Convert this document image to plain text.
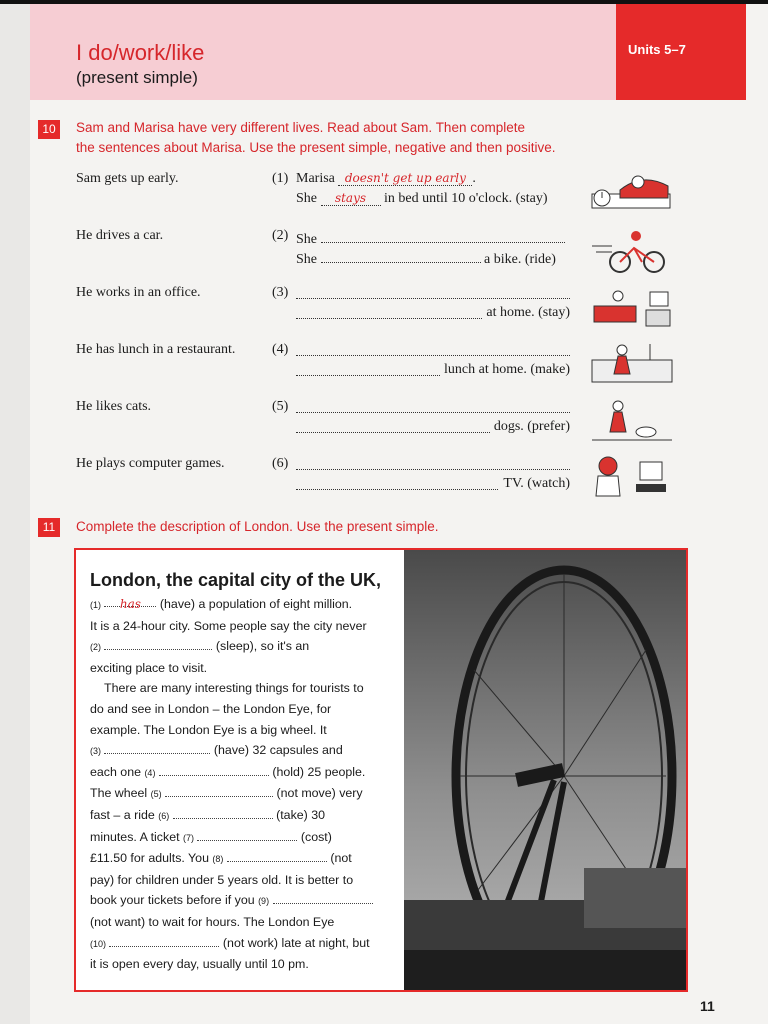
I do/work/like
(present simple)
Units 5–7
10	Sam and Marisa have very different lives. Read about Sam. Then complete
the sentences about Marisa. Use the present simple, negative and then positive.
Sam gets up early.	(1) Marisa doesn't get up early .
She stays in bed until 10 o'clock. (stay)
He drives a car.	(2) She
She	a bike. (ride)
He works in an office.	(3)
at home. (stay)
He has lunch in a restaurant.	(4)
lunch at home. (make)
He likes cats.	(5)
dogs. (prefer)
He plays computer games.	(6)
TV. (watch)
11	Complete the description of London. Use the present simple.
London, the capital city of the UK,
(1) has (have) a population of eight million.
It is a 24-hour city. Some people say the city never
(2)	(sleep), so it's an
exciting place to visit.
There are many interesting things for tourists to
do and see in London – the London Eye, for
example. The London Eye is a big wheel. It
(3)	(have) 32 capsules and
each one (4)	(hold) 25 people.
The wheel (5)	(not move) very
fast – a ride (6)	(take) 30
minutes. A ticket (7)	(cost)
£11.50 for adults. You (8)	(not
pay) for children under 5 years old. It is better to
book your tickets before if you (9)
(not want) to wait for hours. The London Eye
(10)	(not work) late at night, but
it is open every day, usually until 10 pm.
11
